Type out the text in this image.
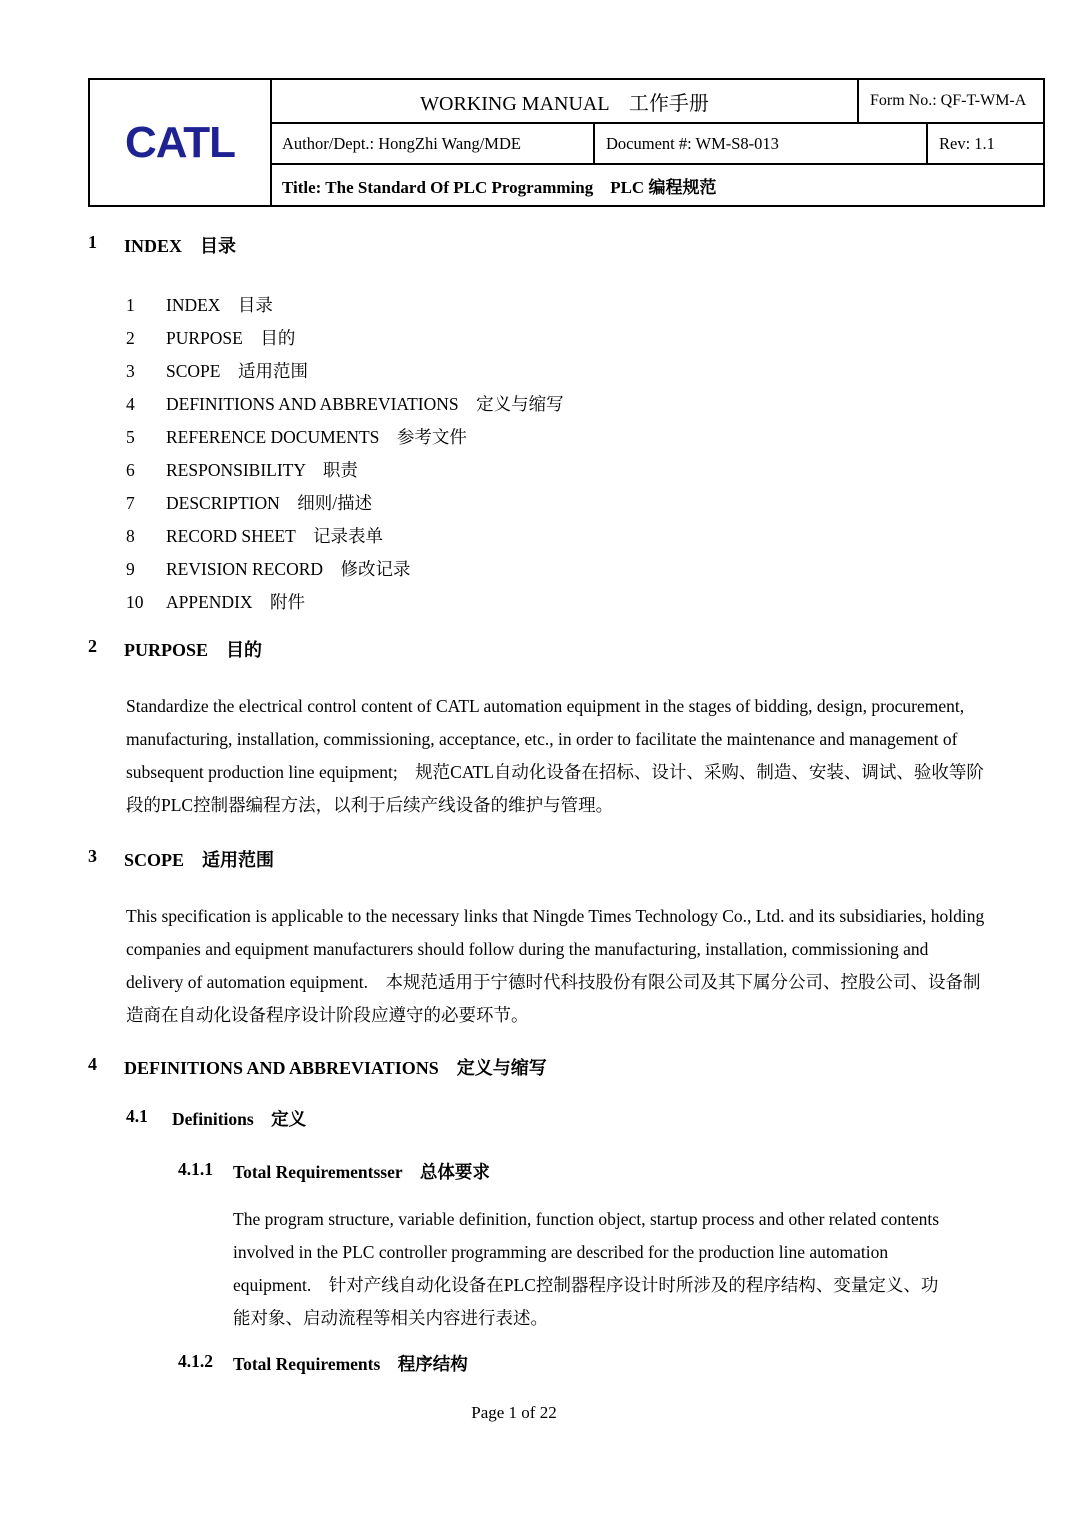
CATL
WORKING MANUAL    工作手册	Form No.: QF-T-WM-A
Author/Dept.: HongZhi Wang/MDE	Document #: WM-S8-013	Rev: 1.1
Title: The Standard Of PLC Programming    PLC 编程规范
1	INDEX    目录
1	INDEX    目录
2	PURPOSE    目的
3	SCOPE    适用范围
4	DEFINITIONS AND ABBREVIATIONS    定义与缩写
5	REFERENCE DOCUMENTS    参考文件
6	RESPONSIBILITY    职责
7	DESCRIPTION    细则/描述
8	RECORD SHEET    记录表单
9	REVISION RECORD    修改记录
10	APPENDIX    附件
2	PURPOSE    目的
Standardize the electrical control content of CATL automation equipment in the stages of bidding, design, procurement, manufacturing, installation, commissioning, acceptance, etc., in order to facilitate the maintenance and management of subsequent production line equipment;    规范CATL自动化设备在招标、设计、采购、制造、安装、调试、验收等阶段的PLC控制器编程方法，以利于后续产线设备的维护与管理。
3	SCOPE    适用范围
This specification is applicable to the necessary links that Ningde Times Technology Co., Ltd. and its subsidiaries, holding companies and equipment manufacturers should follow during the manufacturing, installation, commissioning and delivery of automation equipment.    本规范适用于宁德时代科技股份有限公司及其下属分公司、控股公司、设备制造商在自动化设备程序设计阶段应遵守的必要环节。
4	DEFINITIONS AND ABBREVIATIONS    定义与缩写
4.1	Definitions    定义
4.1.1	Total Requirementsser    总体要求
The program structure, variable definition, function object, startup process and other related contents involved in the PLC controller programming are described for the production line automation equipment.    针对产线自动化设备在PLC控制器程序设计时所涉及的程序结构、变量定义、功能对象、启动流程等相关内容进行表述。
4.1.2	Total Requirements    程序结构
Page 1 of 22
